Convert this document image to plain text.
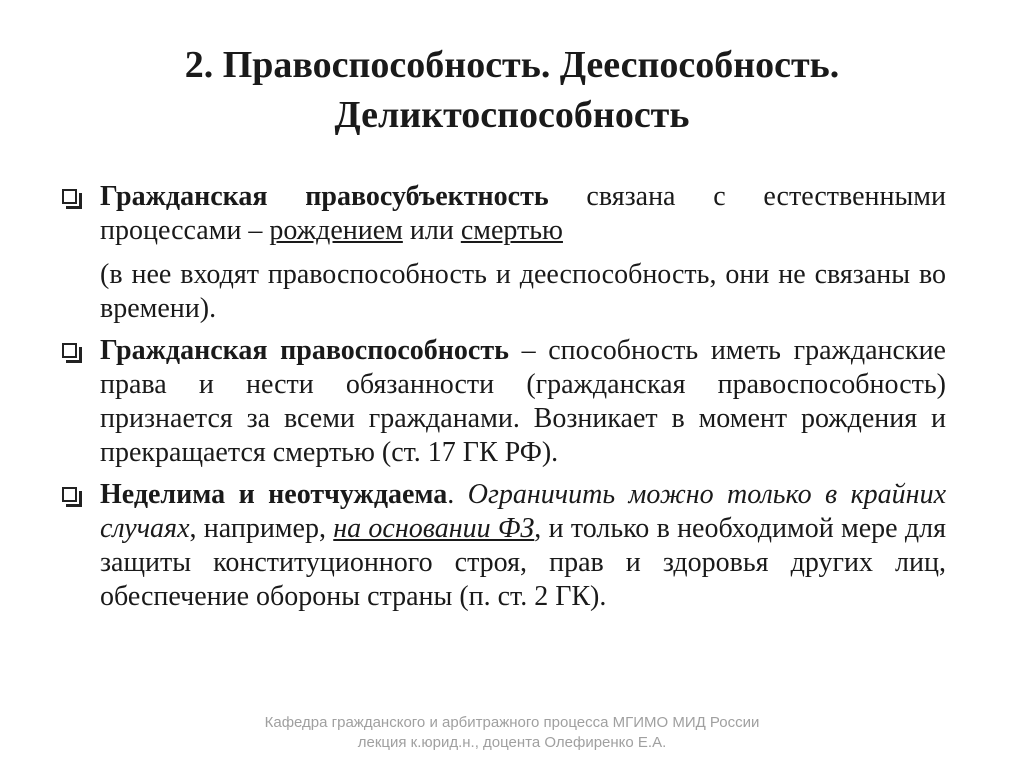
2. Правоспособность. Дееспособность.
Деликтоспособность
Гражданская правосубъектность связана с естественными процессами – рождением или смертью
(в нее входят правоспособность и дееспособность, они не связаны во времени).
Гражданская правоспособность – способность иметь гражданские права и нести обязанности (гражданская правоспособность) признается за всеми гражданами. Возникает в момент рождения и прекращается смертью (ст. 17 ГК РФ).
Неделима и неотчуждаема. Ограничить можно только в крайних случаях, например, на основании ФЗ, и только в необходимой мере для защиты конституционного строя, прав и здоровья других лиц, обеспечение обороны страны (п. ст. 2 ГК).
Кафедра гражданского и арбитражного процесса МГИМО МИД России
лекция к.юрид.н., доцента Олефиренко Е.А.
